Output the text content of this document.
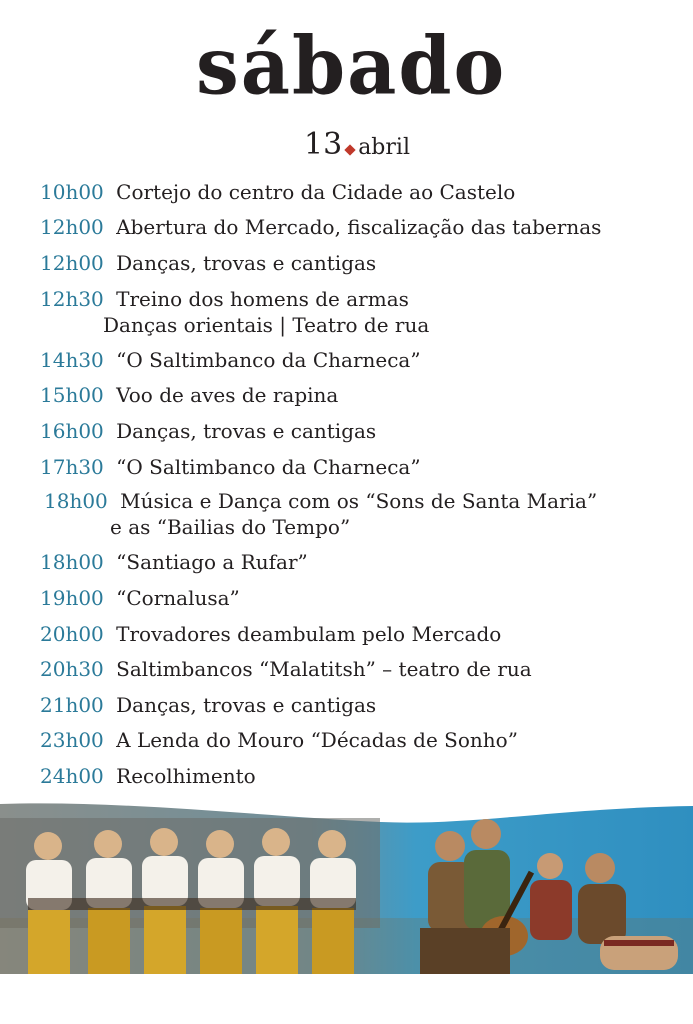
sábado
13 abril
10h00 Cortejo do centro da Cidade ao Castelo
12h00 Abertura do Mercado, fiscalização das tabernas
12h00 Danças, trovas e cantigas
12h30 Treino dos homens de armas
Danças orientais | Teatro de rua
14h30 “O Saltimbanco da Charneca”
15h00 Voo de aves de rapina
16h00 Danças, trovas e cantigas
17h30 “O Saltimbanco da Charneca”
18h00 Música e Dança com os “Sons de Santa Maria”
e as “Bailias do Tempo”
18h00 “Santiago a Rufar”
19h00 “Cornalusa”
20h00 Trovadores deambulam pelo Mercado
20h30 Saltimbancos “Malatitsh” – teatro de rua
21h00 Danças, trovas e cantigas
23h00 A Lenda do Mouro “Décadas de Sonho”
24h00 Recolhimento
